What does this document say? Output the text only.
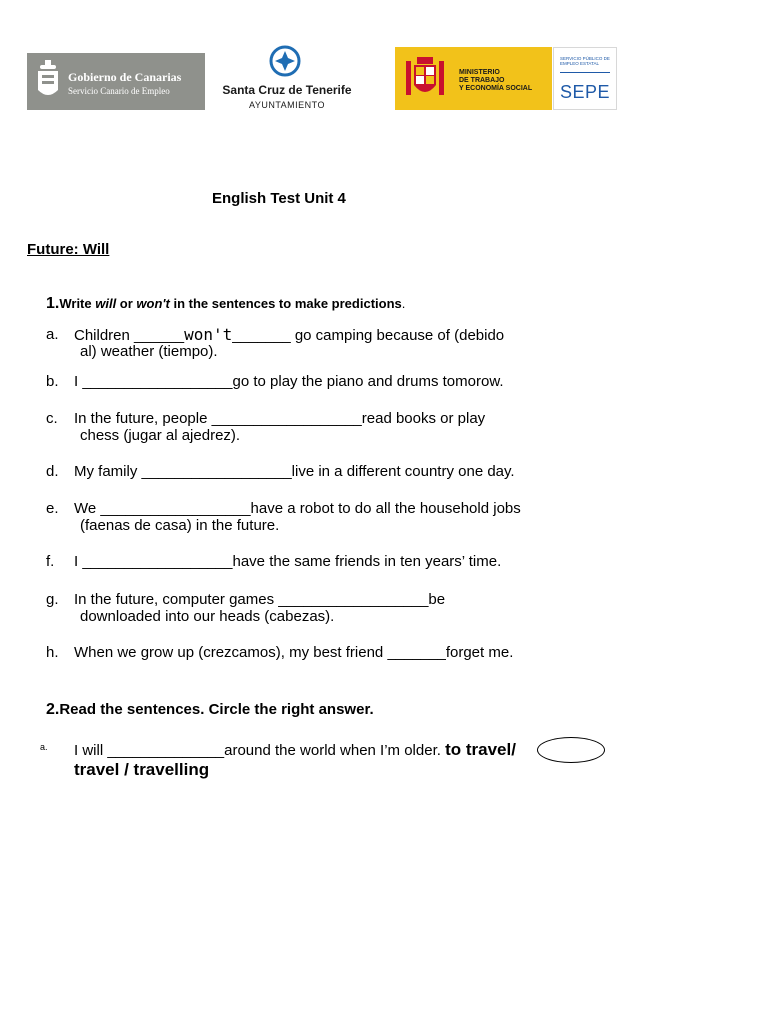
Gobierno de Canarias
Servicio Canario de Empleo	Santa Cruz de Tenerife
AYUNTAMIENTO
MINISTERIO
DE TRABAJO
Y ECONOMÍA SOCIAL
SERVICIO PÚBLICO DE EMPLEO ESTATAL
SEPE
English Test Unit 4
Future: Will
1.Write will or won't in the sentences to make predictions.
a. Children ______won't_______ go camping because of (debido
al) weather (tiempo).
b. I __________________go to play the piano and drums tomorow.
c. In the future, people __________________read books or play
chess (jugar al ajedrez).
d. My family __________________live in a different country one day.
e. We __________________have a robot to do all the household jobs
(faenas de casa) in the future.
f. I __________________have the same friends in ten years’ time.
g. In the future, computer games __________________be
downloaded into our heads (cabezas).
h. When we grow up (crezcamos), my best friend _______forget me.
2.Read the sentences. Circle the right answer.
a. I will ______________around the world when I’m older. to travel/
travel / travelling
